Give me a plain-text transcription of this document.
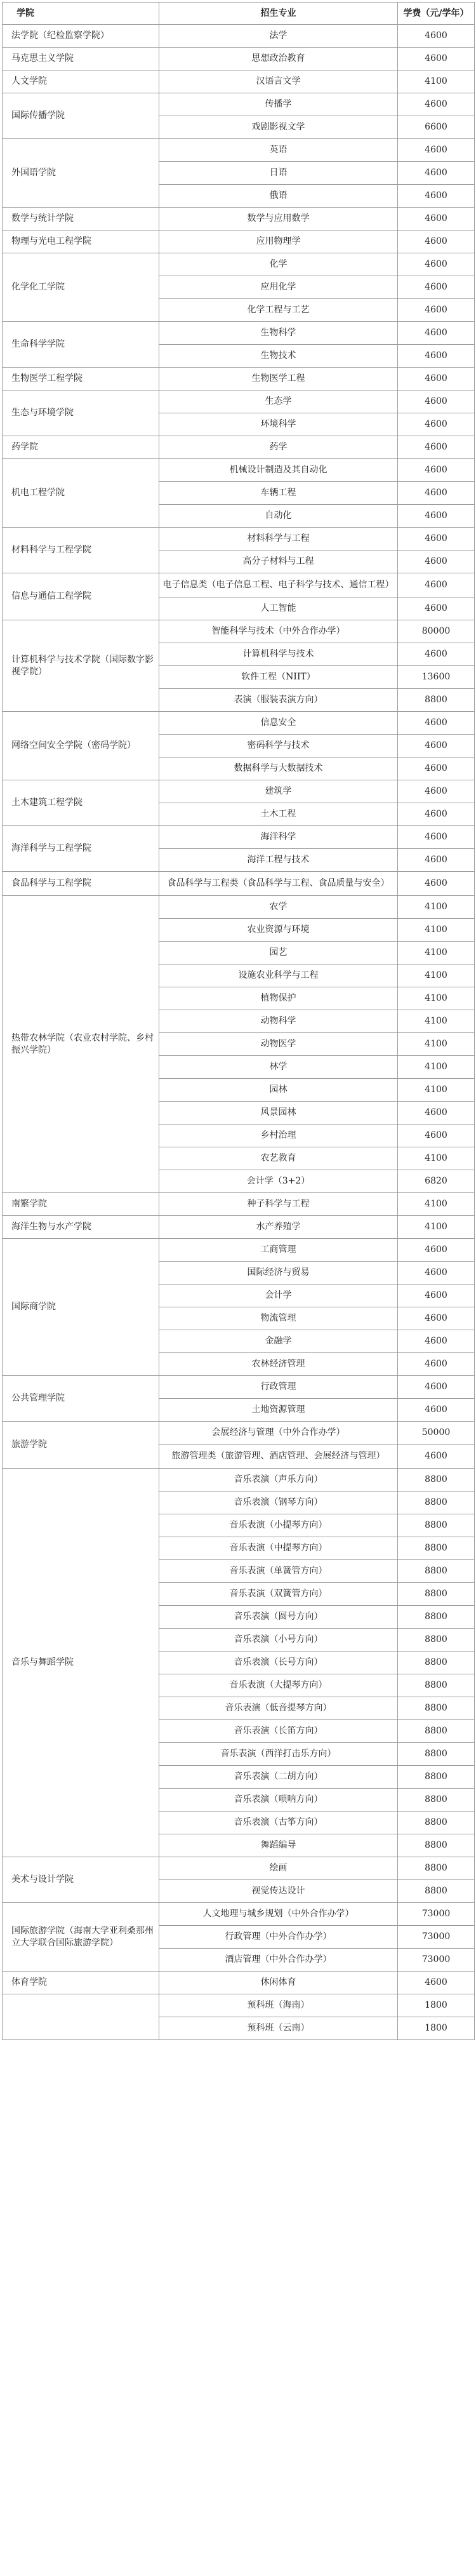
学院	招生专业	学费（元/学年）
法学院（纪检监察学院）	法学	4600
马克思主义学院	思想政治教育	4600
人文学院	汉语言文学	4100
国际传播学院	传播学	4600
	戏剧影视文学	6600
外国语学院	英语	4600
	日语	4600
	俄语	4600
数学与统计学院	数学与应用数学	4600
物理与光电工程学院	应用物理学	4600
化学化工学院	化学	4600
	应用化学	4600
	化学工程与工艺	4600
生命科学学院	生物科学	4600
	生物技术	4600
生物医学工程学院	生物医学工程	4600
生态与环境学院	生态学	4600
	环境科学	4600
药学院	药学	4600
机电工程学院	机械设计制造及其自动化	4600
	车辆工程	4600
	自动化	4600
材料科学与工程学院	材料科学与工程	4600
	高分子材料与工程	4600
信息与通信工程学院	电子信息类（电子信息工程、电子科学与技术、通信工程）	4600
	人工智能	4600
计算机科学与技术学院（国际数字影视学院）	智能科学与技术（中外合作办学）	80000
	计算机科学与技术	4600
	软件工程（NIIT）	13600
	表演（服装表演方向）	8800
网络空间安全学院（密码学院）	信息安全	4600
	密码科学与技术	4600
	数据科学与大数据技术	4600
土木建筑工程学院	建筑学	4600
	土木工程	4600
海洋科学与工程学院	海洋科学	4600
	海洋工程与技术	4600
食品科学与工程学院	食品科学与工程类（食品科学与工程、食品质量与安全）	4600
热带农林学院（农业农村学院、乡村振兴学院）	农学	4100
	农业资源与环境	4100
	园艺	4100
	设施农业科学与工程	4100
	植物保护	4100
	动物科学	4100
	动物医学	4100
	林学	4100
	园林	4100
	风景园林	4600
	乡村治理	4600
	农艺教育	4100
	会计学（3+2）	6820
南繁学院	种子科学与工程	4100
海洋生物与水产学院	水产养殖学	4100
国际商学院	工商管理	4600
	国际经济与贸易	4600
	会计学	4600
	物流管理	4600
	金融学	4600
	农林经济管理	4600
公共管理学院	行政管理	4600
	土地资源管理	4600
旅游学院	会展经济与管理（中外合作办学）	50000
	旅游管理类（旅游管理、酒店管理、会展经济与管理）	4600
音乐与舞蹈学院	音乐表演（声乐方向）	8800
	音乐表演（钢琴方向）	8800
	音乐表演（小提琴方向）	8800
	音乐表演（中提琴方向）	8800
	音乐表演（单簧管方向）	8800
	音乐表演（双簧管方向）	8800
	音乐表演（圆号方向）	8800
	音乐表演（小号方向）	8800
	音乐表演（长号方向）	8800
	音乐表演（大提琴方向）	8800
	音乐表演（低音提琴方向）	8800
	音乐表演（长笛方向）	8800
	音乐表演（西洋打击乐方向）	8800
	音乐表演（二胡方向）	8800
	音乐表演（唢呐方向）	8800
	音乐表演（古筝方向）	8800
	舞蹈编导	8800
美术与设计学院	绘画	8800
	视觉传达设计	8800
国际旅游学院（海南大学亚利桑那州立大学联合国际旅游学院）	人文地理与城乡规划（中外合作办学）	73000
	行政管理（中外合作办学）	73000
	酒店管理（中外合作办学）	73000
体育学院	休闲体育	4600
	预科班（海南）	1800
	预科班（云南）	1800
